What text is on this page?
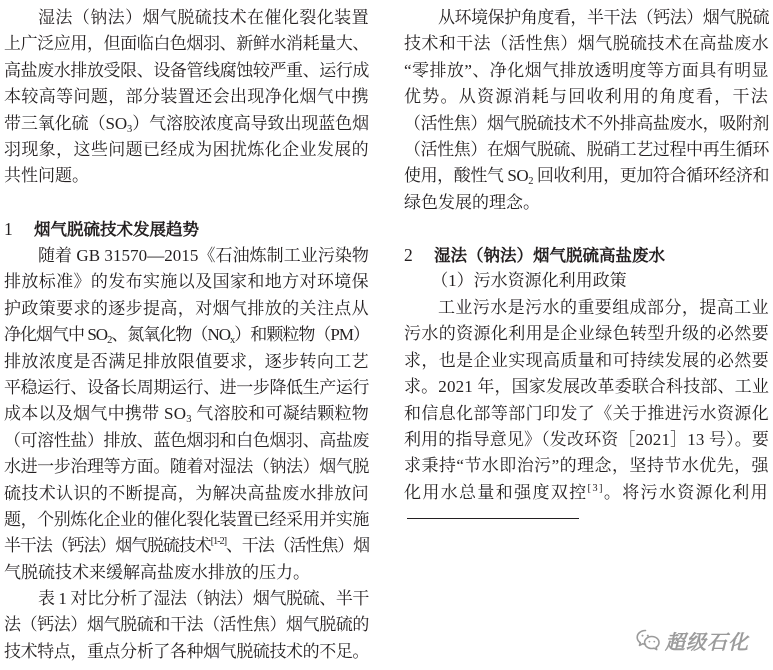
湿法（钠法）烟气脱硫技术在催化裂化装置
上广泛应用，但面临白色烟羽、新鲜水消耗量大、
高盐废水排放受限、设备管线腐蚀较严重、运行成
本较高等问题，部分装置还会出现净化烟气中携
带三氧化硫$(SO_3)$气溶胶浓度高导致出现蓝色烟
羽现象，这些问题已经成为困扰炼化企业发展的
共性问题。
1 烟气脱硫技术发展趋势
随着 GB 31570—2015《石油炼制工业污染物
排放标准》的发布实施以及国家和地方对环境保
护政策要求的逐步提高，对烟气排放的关注点从
净化烟气中 $SO_2$、氮氧化物$(NO_x)$和颗粒物（PM）
排放浓度是否满足排放限值要求，逐步转向工艺
平稳运行、设备长周期运行、进一步降低生产运行
成本以及烟气中携带 $SO_3$ 气溶胶和可凝结颗粒物
（可溶性盐）排放、蓝色烟羽和白色烟羽、高盐废
水进一步治理等方面。随着对湿法（钠法）烟气脱
硫技术认识的不断提高，为解决高盐废水排放问
题，个别炼化企业的催化裂化装置已经采用并实施
半干法（钙法）烟气脱硫技术[1-2]、干法（活性焦）烟
气脱硫技术来缓解高盐废水排放的压力。
表 1 对比分析了湿法（钠法）烟气脱硫、半干
法（钙法）烟气脱硫和干法（活性焦）烟气脱硫的
技术特点，重点分析了各种烟气脱硫技术的不足。
从环境保护角度看，半干法（钙法）烟气脱硫
技术和干法（活性焦）烟气脱硫技术在高盐废水
“零排放”、净化烟气排放透明度等方面具有明显
优势。从资源消耗与回收利用的角度看，干法
（活性焦）烟气脱硫技术不外排高盐废水，吸附剂
（活性焦）在烟气脱硫、脱硝工艺过程中再生循环
使用，酸性气 $SO_2$ 回收利用，更加符合循环经济和
绿色发展的理念。
2 湿法（钠法）烟气脱硫高盐废水
（1）污水资源化利用政策
工业污水是污水的重要组成部分，提高工业
污水的资源化利用是企业绿色转型升级的必然要
求，也是企业实现高质量和可持续发展的必然要
求。2021 年，国家发展改革委联合科技部、工业
和信息化部等部门印发了《关于推进污水资源化
利用的指导意见》（发改环资［2021］13 号）。要
求秉持“节水即治污”的理念，坚持节水优先，强
化用水总量和强度双控[3]。将污水资源化利用
超级石化
